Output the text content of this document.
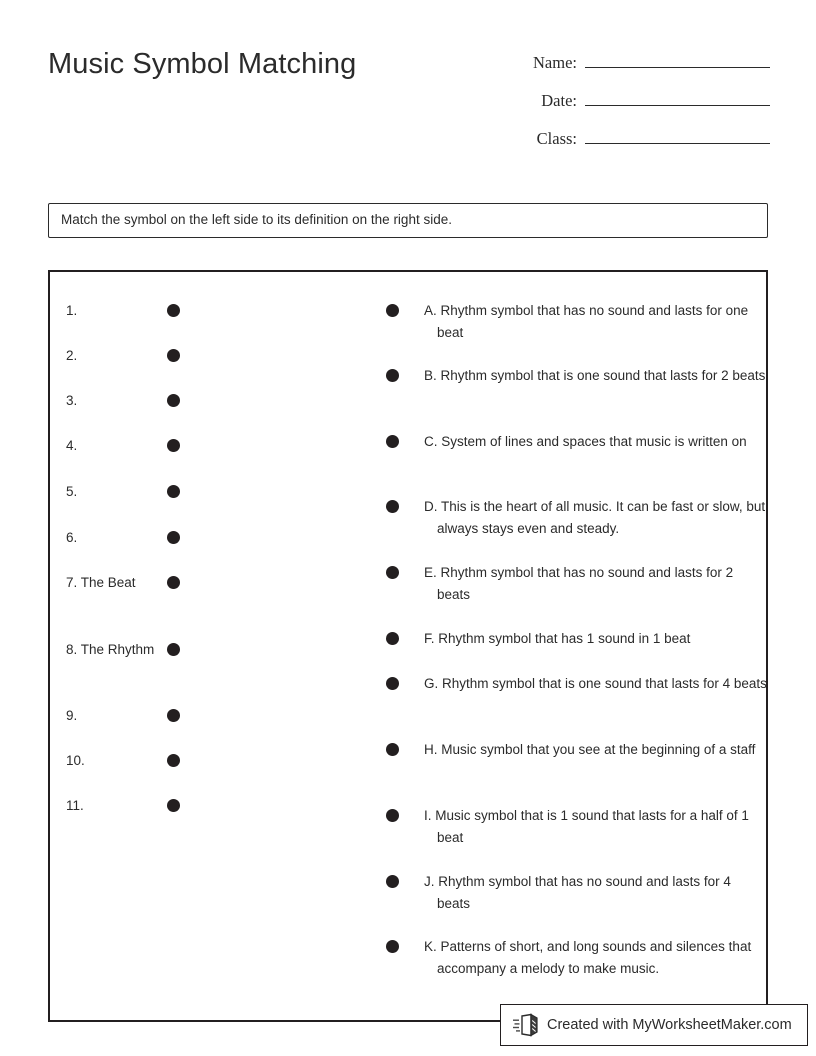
Music Symbol Matching	Name:
Date:
Class:
Match the symbol on the left side to its definition on the right side.
1.
2.
3.
4.
5.
6.
7. The Beat
8. The Rhythm
9.
10.
11.
A. Rhythm symbol that has no sound and lasts for one beat
B. Rhythm symbol that is one sound that lasts for 2 beats
C. System of lines and spaces that music is written on
D. This is the heart of all music. It can be fast or slow, but always stays even and steady.
E. Rhythm symbol that has no sound and lasts for 2 beats
F. Rhythm symbol that has 1 sound in 1 beat
G. Rhythm symbol that is one sound that lasts for 4 beats
H. Music symbol that you see at the beginning of a staff
I. Music symbol that is 1 sound that lasts for a half of 1 beat
J. Rhythm symbol that has no sound and lasts for 4 beats
K. Patterns of short, and long sounds and silences that accompany a melody to make music.
Created with MyWorksheetMaker.com
